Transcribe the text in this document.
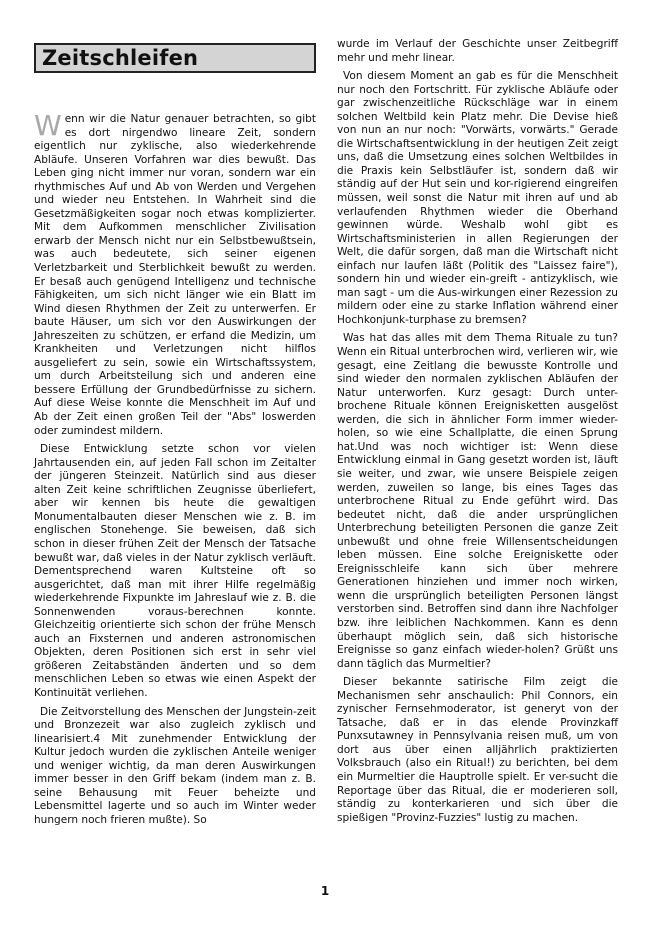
Zeitschleifen

Wenn wir die Natur genauer betrachten, so gibt es dort nirgendwo lineare Zeit, sondern eigentlich nur zyklische, also wiederkehrende Abläufe. Unseren Vorfahren war dies bewußt. Das Leben ging nicht immer nur voran, sondern war ein rhythmisches Auf und Ab von Werden und Vergehen und wieder neu Entstehen. In Wahrheit sind die Gesetzmäßigkeiten sogar noch etwas komplizierter. Mit dem Aufkommen menschlicher Zivilisation erwarb der Mensch nicht nur ein Selbstbewußtsein, was auch bedeutete, sich seiner eigenen Verletzbarkeit und Sterblichkeit bewußt zu werden. Er besaß auch genügend Intelligenz und technische Fähigkeiten, um sich nicht länger wie ein Blatt im Wind diesen Rhythmen der Zeit zu unterwerfen. Er baute Häuser, um sich vor den Auswirkungen der Jahreszeiten zu schützen, er erfand die Medizin, um Krankheiten und Verletzungen nicht hilflos ausgeliefert zu sein, sowie ein Wirtschaftssystem, um durch Arbeitsteilung sich und anderen eine bessere Erfüllung der Grundbedürfnisse zu sichern. Auf diese Weise konnte die Menschheit im Auf und Ab der Zeit einen großen Teil der "Abs" loswerden oder zumindest mildern.

Diese Entwicklung setzte schon vor vielen Jahrtausenden ein, auf jeden Fall schon im Zeitalter der jüngeren Steinzeit. Natürlich sind aus dieser alten Zeit keine schriftlichen Zeugnisse überliefert, aber wir kennen bis heute die gewaltigen Monumentalbauten dieser Menschen wie z. B. im englischen Stonehenge. Sie beweisen, daß sich schon in dieser frühen Zeit der Mensch der Tatsache bewußt war, daß vieles in der Natur zyklisch verläuft. Dementsprechend waren Kultsteine oft so ausgerichtet, daß man mit ihrer Hilfe regelmäßig wiederkehrende Fixpunkte im Jahreslauf wie z. B. die Sonnenwenden voraus-berechnen konnte. Gleichzeitig orientierte sich schon der frühe Mensch auch an Fixsternen und anderen astronomischen Objekten, deren Positionen sich erst in sehr viel größeren Zeitabständen änderten und so dem menschlichen Leben so etwas wie einen Aspekt der Kontinuität verliehen.

Die Zeitvorstellung des Menschen der Jungstein-zeit und Bronzezeit war also zugleich zyklisch und linearisiert.4 Mit zunehmender Entwicklung der Kultur jedoch wurden die zyklischen Anteile weniger und weniger wichtig, da man deren Auswirkungen immer besser in den Griff bekam (indem man z. B. seine Behausung mit Feuer beheizte und Lebensmittel lagerte und so auch im Winter weder hungern noch frieren mußte). So

wurde im Verlauf der Geschichte unser Zeitbegriff mehr und mehr linear.

Von diesem Moment an gab es für die Menschheit nur noch den Fortschritt. Für zyklische Abläufe oder gar zwischenzeitliche Rückschläge war in einem solchen Weltbild kein Platz mehr. Die Devise hieß von nun an nur noch: "Vorwärts, vorwärts." Gerade die Wirtschaftsentwicklung in der heutigen Zeit zeigt uns, daß die Umsetzung eines solchen Weltbildes in die Praxis kein Selbstläufer ist, sondern daß wir ständig auf der Hut sein und kor-rigierend eingreifen müssen, weil sonst die Natur mit ihren auf und ab verlaufenden Rhythmen wieder die Oberhand gewinnen würde. Weshalb wohl gibt es Wirtschaftsministerien in allen Regierungen der Welt, die dafür sorgen, daß man die Wirtschaft nicht einfach nur laufen läßt (Politik des "Laissez faire"), sondern hin und wieder ein-greift - antizyklisch, wie man sagt - um die Aus-wirkungen einer Rezession zu mildern oder eine zu starke Inflation während einer Hochkonjunk-turphase zu bremsen?

Was hat das alles mit dem Thema Rituale zu tun? Wenn ein Ritual unterbrochen wird, verlieren wir, wie gesagt, eine Zeitlang die bewusste Kontrolle und sind wieder den normalen zyklischen Abläufen der Natur unterworfen. Kurz gesagt: Durch unter-brochene Rituale können Ereignisketten ausgelöst werden, die sich in ähnlicher Form immer wieder-holen, so wie eine Schallplatte, die einen Sprung hat.Und was noch wichtiger ist: Wenn diese Entwicklung einmal in Gang gesetzt worden ist, läuft sie weiter, und zwar, wie unsere Beispiele zeigen werden, zuweilen so lange, bis eines Tages das unterbrochene Ritual zu Ende geführt wird. Das bedeutet nicht, daß die ander ursprünglichen Unterbrechung beteiligten Personen die ganze Zeit unbewußt und ohne freie Willensentscheidungen leben müssen. Eine solche Ereigniskette oder Ereignisschleife kann sich über mehrere Generationen hinziehen und immer noch wirken, wenn die ursprünglich beteiligten Personen längst verstorben sind. Betroffen sind dann ihre Nachfolger bzw. ihre leiblichen Nachkommen. Kann es denn überhaupt möglich sein, daß sich historische Ereignisse so ganz einfach wieder-holen? Grüßt uns dann täglich das Murmeltier?

Dieser bekannte satirische Film zeigt die Mechanismen sehr anschaulich: Phil Connors, ein zynischer Fernsehmoderator, ist generyt von der Tatsache, daß er in das elende Provinzkaff Punxsutawney in Pennsylvania reisen muß, um von dort aus über einen alljährlich praktizierten Volksbrauch (also ein Ritual!) zu berichten, bei dem ein Murmeltier die Hauptrolle spielt. Er ver-sucht die Reportage über das Ritual, die er moderieren soll, ständig zu konterkarieren und sich über die spießigen "Provinz-Fuzzies" lustig zu machen.

1
